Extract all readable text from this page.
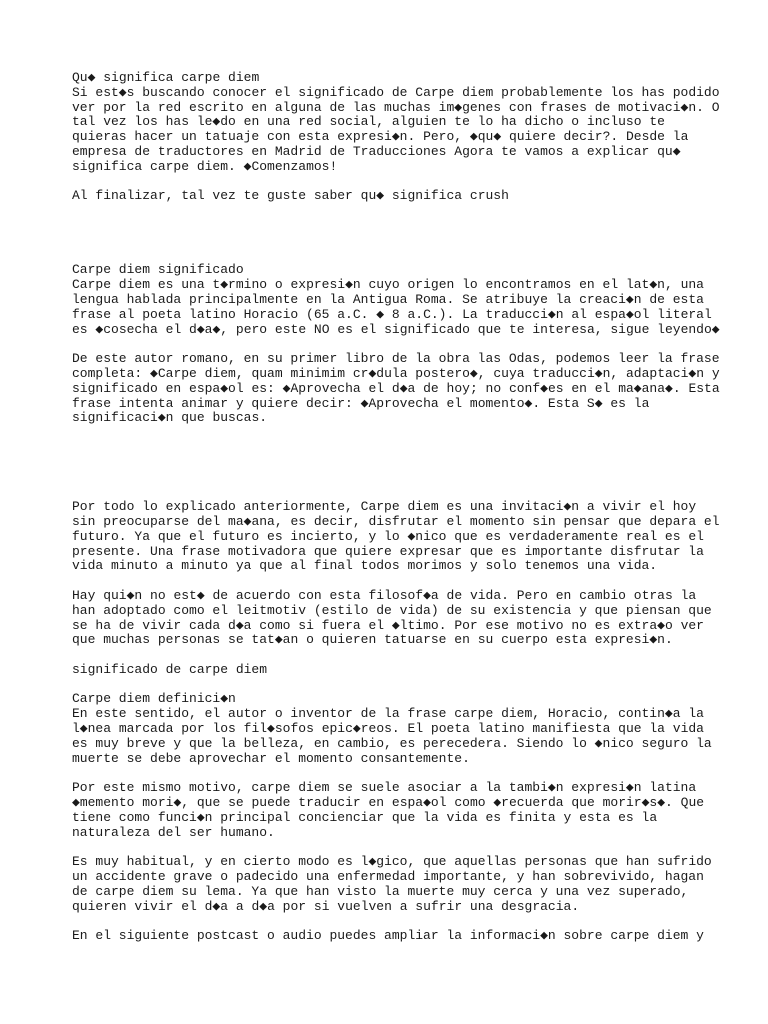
Qu◆ significa carpe diem
Si est◆s buscando conocer el significado de Carpe diem probablemente los has podido
ver por la red escrito en alguna de las muchas im◆genes con frases de motivaci◆n. O
tal vez los has le◆do en una red social, alguien te lo ha dicho o incluso te
quieras hacer un tatuaje con esta expresi◆n. Pero, ◆qu◆ quiere decir?. Desde la
empresa de traductores en Madrid de Traducciones Agora te vamos a explicar qu◆
significa carpe diem. ◆Comenzamos!
Al finalizar, tal vez te guste saber qu◆ significa crush
Carpe diem significado
Carpe diem es una t◆rmino o expresi◆n cuyo origen lo encontramos en el lat◆n, una
lengua hablada principalmente en la Antigua Roma. Se atribuye la creaci◆n de esta
frase al poeta latino Horacio (65 a.C. ◆ 8 a.C.). La traducci◆n al espa◆ol literal
es ◆cosecha el d◆a◆, pero este NO es el significado que te interesa, sigue leyendo◆
De este autor romano, en su primer libro de la obra las Odas, podemos leer la frase
completa: ◆Carpe diem, quam minimim cr◆dula postero◆, cuya traducci◆n, adaptaci◆n y
significado en espa◆ol es: ◆Aprovecha el d◆a de hoy; no conf◆es en el ma◆ana◆. Esta
frase intenta animar y quiere decir: ◆Aprovecha el momento◆. Esta S◆ es la
significaci◆n que buscas.
Por todo lo explicado anteriormente, Carpe diem es una invitaci◆n a vivir el hoy
sin preocuparse del ma◆ana, es decir, disfrutar el momento sin pensar que depara el
futuro. Ya que el futuro es incierto, y lo ◆nico que es verdaderamente real es el
presente. Una frase motivadora que quiere expresar que es importante disfrutar la
vida minuto a minuto ya que al final todos morimos y solo tenemos una vida.
Hay qui◆n no est◆ de acuerdo con esta filosof◆a de vida. Pero en cambio otras la
han adoptado como el leitmotiv (estilo de vida) de su existencia y que piensan que
se ha de vivir cada d◆a como si fuera el ◆ltimo. Por ese motivo no es extra◆o ver
que muchas personas se tat◆an o quieren tatuarse en su cuerpo esta expresi◆n.
significado de carpe diem
Carpe diem definici◆n
En este sentido, el autor o inventor de la frase carpe diem, Horacio, contin◆a la
l◆nea marcada por los fil◆sofos epic◆reos. El poeta latino manifiesta que la vida
es muy breve y que la belleza, en cambio, es perecedera. Siendo lo ◆nico seguro la
muerte se debe aprovechar el momento consantemente.
Por este mismo motivo, carpe diem se suele asociar a la tambi◆n expresi◆n latina
◆memento mori◆, que se puede traducir en espa◆ol como ◆recuerda que morir◆s◆. Que
tiene como funci◆n principal concienciar que la vida es finita y esta es la
naturaleza del ser humano.
Es muy habitual, y en cierto modo es l◆gico, que aquellas personas que han sufrido
un accidente grave o padecido una enfermedad importante, y han sobrevivido, hagan
de carpe diem su lema. Ya que han visto la muerte muy cerca y una vez superado,
quieren vivir el d◆a a d◆a por si vuelven a sufrir una desgracia.
En el siguiente postcast o audio puedes ampliar la informaci◆n sobre carpe diem y
